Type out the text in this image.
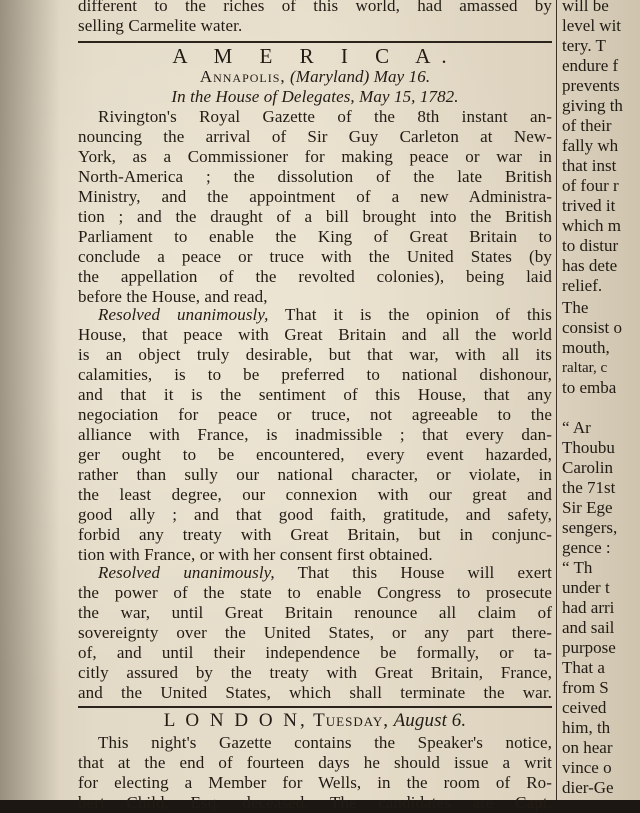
different to the riches of this world, had amassed by
selling Carmelite water.
A M E R I C A.
Annapolis, (Maryland) May 16.
In the House of Delegates, May 15, 1782.
Rivington's Royal Gazette of the 8th instant an-
nouncing the arrival of Sir Guy Carleton at New-
York, as a Commissioner for making peace or war in
North-America ; the dissolution of the late British
Ministry, and the appointment of a new Administra-
tion ; and the draught of a bill brought into the British
Parliament to enable the King of Great Britain to
conclude a peace or truce with the United States (by
the appellation of the revolted colonies), being laid
before the House, and read,
Resolved unanimously, That it is the opinion of this
House, that peace with Great Britain and all the world
is an object truly desirable, but that war, with all its
calamities, is to be preferred to national dishonour,
and that it is the sentiment of this House, that any
negociation for peace or truce, not agreeable to the
alliance with France, is inadmissible ; that every dan-
ger ought to be encountered, every event hazarded,
rather than sully our national character, or violate, in
the least degree, our connexion with our great and
good ally ; and that good faith, gratitude, and safety,
forbid any treaty with Great Britain, but in conjunc-
tion with France, or with her consent first obtained.
Resolved unanimously, That this House will exert
the power of the state to enable Congress to prosecute
the war, until Great Britain renounce all claim of
sovereignty over the United States, or any part there-
of, and until their independence be formally, or ta-
citly assured by the treaty with Great Britain, France,
and the United States, which shall terminate the war.
L O N D O N, Tuesday, August 6.
This night's Gazette contains the Speaker's notice,
that at the end of fourteen days he should issue a writ
for electing a Member for Wells, in the room of Ro-
bert Child, Esq. deceased. The candidates are Capt.
will be
level wit
tery. T
endure f
prevents
giving th
of their
fally wh
that inst
of four r
trived it
which m
to distur
has dete
relief.
The
consist o
mouth,
raltar, c
to emba
“ Ar
Thoubu
Carolin
the 71st
Sir Ege
sengers,
gence :
“ Th
under t
had arri
and sail
purpose
That a
from S
ceived
him, th
on hear
vince o
dier-Ge
